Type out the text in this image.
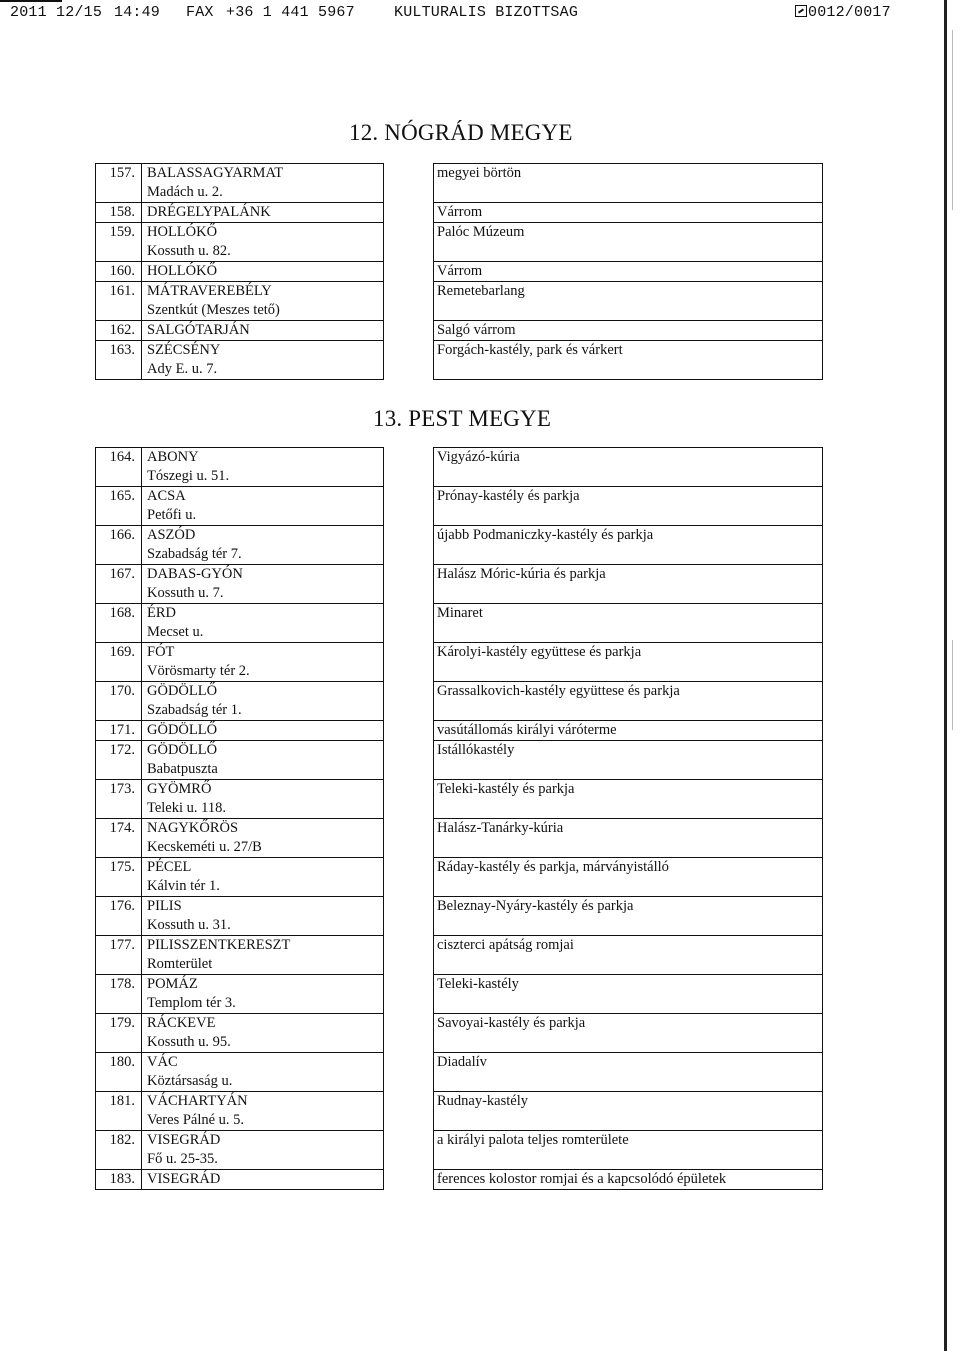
2011 12/15 14:49 FAX +36 1 441 5967	KULTURALIS BIZOTTSAG	0012/0017
12. NÓGRÁD MEGYE
157.	BALASSAGYARMAT
Madách u. 2.		megyei börtön

158.	DRÉGELYPALÁNK		Várrom

159.	HOLLÓKŐ
Kossuth u. 82.		Palóc Múzeum

160.	HOLLÓKŐ		Várrom

161.	MÁTRAVEREBÉLY
Szentkút (Meszes tető)		Remetebarlang

162.	SALGÓTARJÁN		Salgó várrom

163.	SZÉCSÉNY
Ady E. u. 7.		Forgách-kastély, park és várkert
13. PEST MEGYE
164.	ABONY
Tószegi u. 51.		Vigyázó-kúria

165.	ACSA
Petőfi u.		Prónay-kastély és parkja

166.	ASZÓD
Szabadság tér 7.		újabb Podmaniczky-kastély és parkja

167.	DABAS-GYÓN
Kossuth u. 7.		Halász Móric-kúria és parkja

168.	ÉRD
Mecset u.		Minaret

169.	FÓT
Vörösmarty tér 2.		Károlyi-kastély együttese és parkja

170.	GÖDÖLLŐ
Szabadság tér 1.		Grassalkovich-kastély együttese és parkja

171.	GÖDÖLLŐ		vasútállomás királyi váróterme

172.	GÖDÖLLŐ
Babatpuszta		Istállókastély

173.	GYÖMRŐ
Teleki u. 118.		Teleki-kastély és parkja

174.	NAGYKŐRÖS
Kecskeméti u. 27/B		Halász-Tanárky-kúria

175.	PÉCEL
Kálvin tér 1.		Ráday-kastély és parkja, márványistálló

176.	PILIS
Kossuth u. 31.		Beleznay-Nyáry-kastély és parkja

177.	PILISSZENTKERESZT
Romterület		ciszterci apátság romjai

178.	POMÁZ
Templom tér 3.		Teleki-kastély

179.	RÁCKEVE
Kossuth u. 95.		Savoyai-kastély és parkja

180.	VÁC
Köztársaság u.		Diadalív

181.	VÁCHARTYÁN
Veres Pálné u. 5.		Rudnay-kastély

182.	VISEGRÁD
Fő u. 25-35.		a királyi palota teljes romterülete

183.	VISEGRÁD		ferences kolostor romjai és a kapcsolódó épületek
